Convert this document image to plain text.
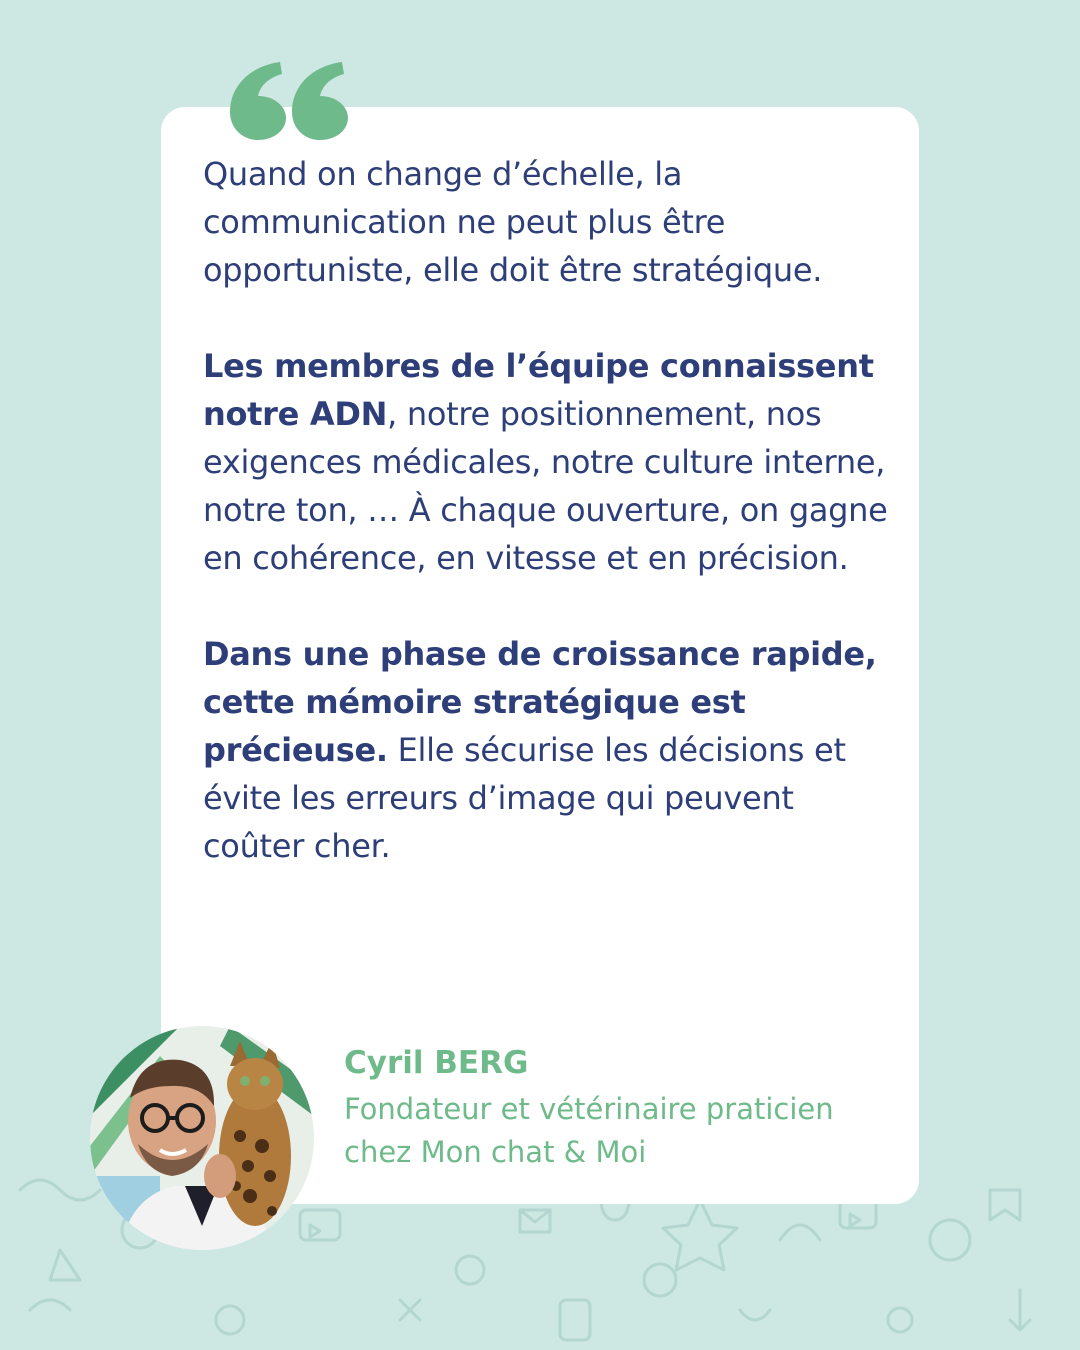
Quand on change d’échelle, la communication ne peut plus être opportuniste, elle doit être stratégique.

Les membres de l’équipe connaissent notre ADN, notre positionnement, nos exigences médicales, notre culture interne, notre ton, … À chaque ouverture, on gagne en cohérence, en vitesse et en précision.

Dans une phase de croissance rapide, cette mémoire stratégique est précieuse. Elle sécurise les décisions et évite les erreurs d’image qui peuvent coûter cher.

Cyril BERG
Fondateur et vétérinaire praticien
chez Mon chat & Moi
